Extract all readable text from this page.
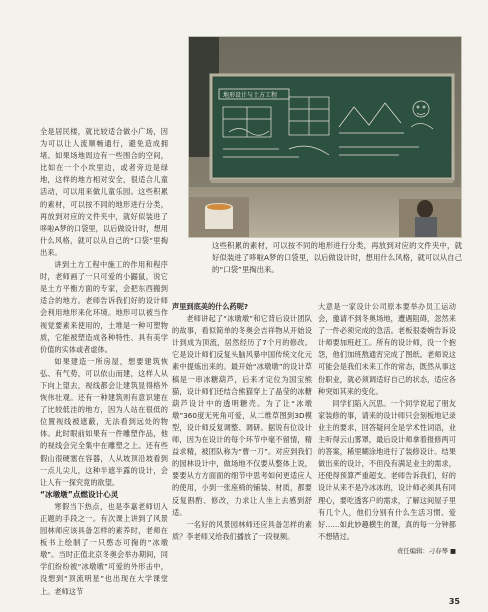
全是居民楼，就比较适合做小广场，因为可以让人流顺畅通行，避免造成拥堵。如果场地周边有一些围合的空间，比如在一个小坎里边，或者旁边是绿地，这样的地方相对安全，很适合儿童活动，可以用来做儿童乐园。这些积累的素材，可以按不同的地形进行分类，再放到对应的文件夹中，就好似装进了哆啦A梦的口袋里，以后做设计时，想用什么风格，就可以从自己的“口袋”里掏出来。

讲到土方工程中施工的作用和程序时，老师画了一只可爱的小鼹鼠，说它是土方平衡方面的专家，会把东西搬到适合的地方。老师告诉我们好的设计师会利用地形来化环境。地形可以被当作视觉要素来使用的，土堆是一种可塑物质，它能被塑造成各种特性、具有美学价值的实体或者虚体。

如果建造一所房屋，想要建筑恢弘、有气势，可以依山而建，这样人从下向上望去，视线都会让建筑显得格外恢伟壮观。还有一种建筑则有意识建在了比较低洼的地方，因为人站在很低的位置视线被遮蔽，无法看到远处的物体。此时眼前如果有一件雕塑作品，他的视线会完全集中在雕塑之上。还有些假山很硬塞在容器，人从坡顶沿坡看到一点儿尖儿，这种半遮半露的设计，会让人有一探究竟的欲望。

“冰墩墩”点燃设计心灵

寒假当下热点，也是李嘉老师切入正题的手段之一。有次课上讲到了风景园林师应该具备怎样的素养时，老师在板书上绘制了一只憨态可掬的“冰墩墩”。当时正值北京冬奥会举办期间，同学们纷纷被“冰墩墩”可爱的外形击中，没想到“顶流明星”也出现在大学课堂上。老师这节

地形设计与土方工程
这些积累的素材，可以按不同的地形进行分类，再放到对应的文件夹中，就好似装进了哆啦A梦的口袋里，以后做设计时，想用什么风格，就可以从自己的“口袋”里掏出来。

声里到底美的什么药呢?

老师讲起了“冰墩墩”和它背后设计团队的故事，看似简单的冬奥会吉祥物从开始设计到成为顶流，居然经历了7个月的修改。它是设计师们反复头脑风暴中国传统文化元素中提炼出来的。最开始“冰墩墩”的设计草稿是一串冰糖葫芦，后来才定位为国宝熊猫，设计师们还结合熊猫穿上了晶莹的冰糖葫芦设计中的透明糖壳。为了让“冰墩墩”360度无死角可爱，从二维草图到3D模型，设计师反复调整、调研。据说有位设计师，因为在设计的每个环节中毫不留情，精益求精，被团队称为“曹一刀”。对应到我们的园林设计中，做场地不仅要从整体上说，要要从方方面面的细节中思考如何更适应人的使用，小到一张座椅的铺装、材质，都要反复斟酌、修改，力求让人坐上去感到舒适。

一名好的风景园林师还应具备怎样的素质？李老师又给我们播放了一段视频。

大意是一家设计公司原本要举办员工运动会，邀请不到冬奥场地，遭遇阻碍，忽然来了一件必须完成的急活。老板很委婉告诉设计师要加班赶工。所有的设计师，没一个抱怨，他们加班熬通宵完成了图纸。老师说这可能会是我们未来工作的常态，既然从事这份职业，就必须调适好自己的状态，适应各种突如其来的变化。

同学们陷入沉思。一个同学说起了朋友家装修的事，请来的设计师只会刻板地记录业主的要求，回答疑问全是学术性词语，业主听得云山雾罩，最后设计师拿着报修两可的答案，稀里糊涂地进行了装修设计。结果做出来的设计，不但没有满足业主的需求，还使得预算严重超支。老师告诉我们，好的设计从来不是冷冰冰的，设计师必须具有同理心，要吃透客户的需求，了解这间屋子里有几个人，他们分别有什么生活习惯、爱好……如此妙趣横生的课，真的每一分钟都不想错过。

责任编辑：刁春琴 ■
35
